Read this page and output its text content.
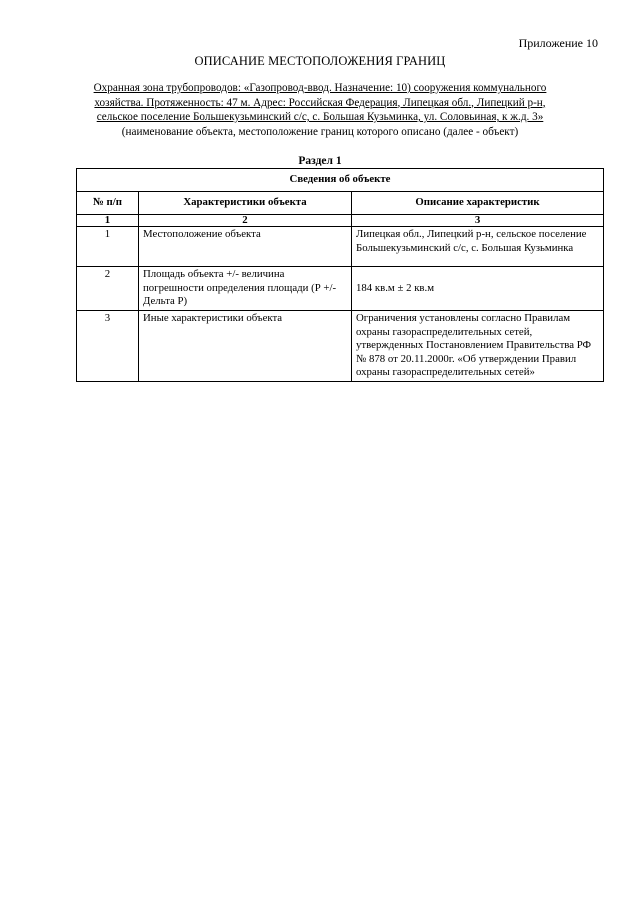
Приложение 10
ОПИСАНИЕ МЕСТОПОЛОЖЕНИЯ ГРАНИЦ
Охранная зона трубопроводов: «Газопровод-ввод. Назначение: 10) сооружения коммунального
хозяйства. Протяженность: 47 м. Адрес: Российская Федерация, Липецкая обл., Липецкий р-н,
сельское поселение Большекузьминский с/с, с. Большая Кузьминка, ул. Соловьиная, к ж.д. 3»
(наименование объекта, местоположение границ которого описано (далее - объект)
Раздел 1
Сведения об объекте		
№ п/п	Характеристики объекта	Описание характеристик
1	2	3
1	Местоположение объекта	Липецкая обл., Липецкий р-н, сельское поселение Большекузьминский с/с, с. Большая Кузьминка
2	Площадь объекта +/- величина погрешности определения площади (Р +/- Дельта Р)	184 кв.м ± 2 кв.м
3	Иные характеристики объекта	Ограничения установлены согласно Правилам охраны газораспределительных сетей, утвержденных Постановлением Правительства РФ № 878 от 20.11.2000г. «Об утверждении Правил охраны газораспределительных сетей»
